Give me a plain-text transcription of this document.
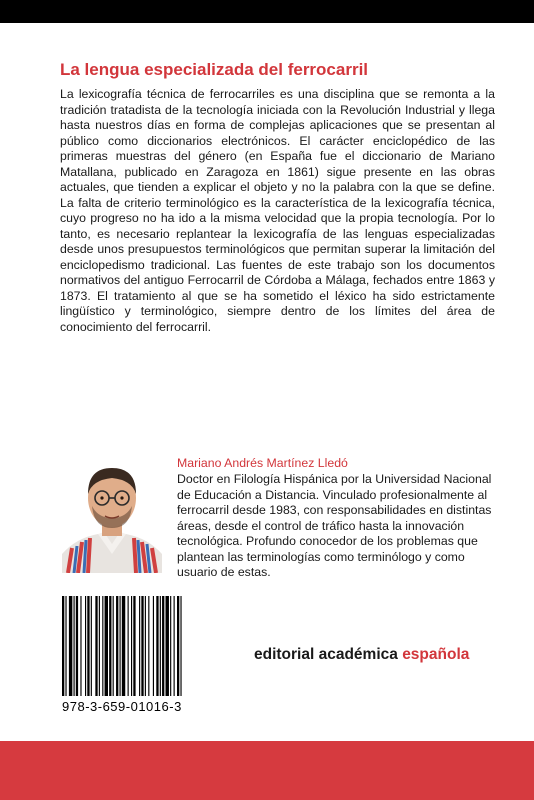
La lengua especializada del ferrocarril
La lexicografía técnica de ferrocarriles es una disciplina que se remonta a la tradición tratadista de la tecnología iniciada con la Revolución Industrial y llega hasta nuestros días en forma de complejas aplicaciones que se presentan al público como diccionarios electrónicos. El carácter enciclopédico de las primeras muestras del género (en España fue el diccionario de Mariano Matallana, publicado en Zaragoza en 1861) sigue presente en las obras actuales, que tienden a explicar el objeto y no la palabra con la que se define. La falta de criterio terminológico es la característica de la lexicografía técnica, cuyo progreso no ha ido a la misma velocidad que la propia tecnología. Por lo tanto, es necesario replantear la lexicografía de las lenguas especializadas desde unos presupuestos terminológicos que permitan superar la limitación del enciclopedismo tradicional. Las fuentes de este trabajo son los documentos normativos del antiguo Ferrocarril de Córdoba a Málaga, fechados entre 1863 y 1873. El tratamiento al que se ha sometido el léxico ha sido estrictamente lingüístico y terminológico, siempre dentro de los límites del área de conocimiento del ferrocarril.
Mariano Andrés Martínez Lledó
Doctor en Filología Hispánica por la Universidad Nacional de Educación a Distancia. Vinculado profesionalmente al ferrocarril desde 1983, con responsabilidades en distintas áreas, desde el control de tráfico hasta la innovación tecnológica. Profundo conocedor de los problemas que plantean las terminologías como terminólogo y como usuario de estas.
978-3-659-01016-3
editorial académica española
